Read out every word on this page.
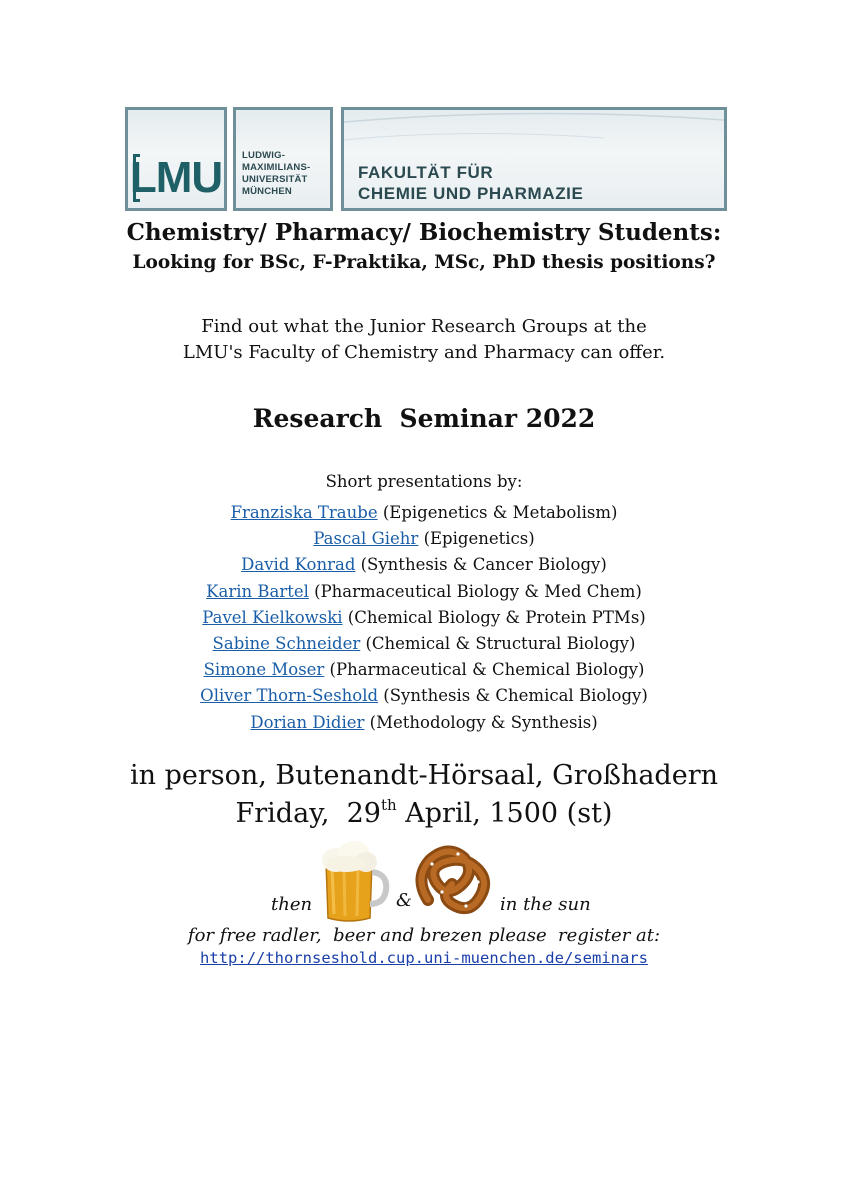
LMU LUDWIG-
MAXIMILIANS-
UNIVERSITÄT
MÜNCHEN
FAKULTÄT FÜR
CHEMIE UND PHARMAZIE
Chemistry/ Pharmacy/ Biochemistry Students:
Looking for BSc, F-Praktika, MSc, PhD thesis positions?
Find out what the Junior Research Groups at the
LMU's Faculty of Chemistry and Pharmacy can offer.
Research  Seminar 2022
Short presentations by:
Franziska Traube (Epigenetics & Metabolism)
Pascal Giehr (Epigenetics)
David Konrad (Synthesis & Cancer Biology)
Karin Bartel (Pharmaceutical Biology & Med Chem)
Pavel Kielkowski (Chemical Biology & Protein PTMs)
Sabine Schneider (Chemical & Structural Biology)
Simone Moser (Pharmaceutical & Chemical Biology)
Oliver Thorn-Seshold (Synthesis & Chemical Biology)
Dorian Didier (Methodology & Synthesis)
in person, Butenandt-Hörsaal, Großhadern
Friday,  29th April, 1500 (st)
then	&	in the sun
for free radler,  beer and brezen please  register at:
http://thornseshold.cup.uni-muenchen.de/seminars
